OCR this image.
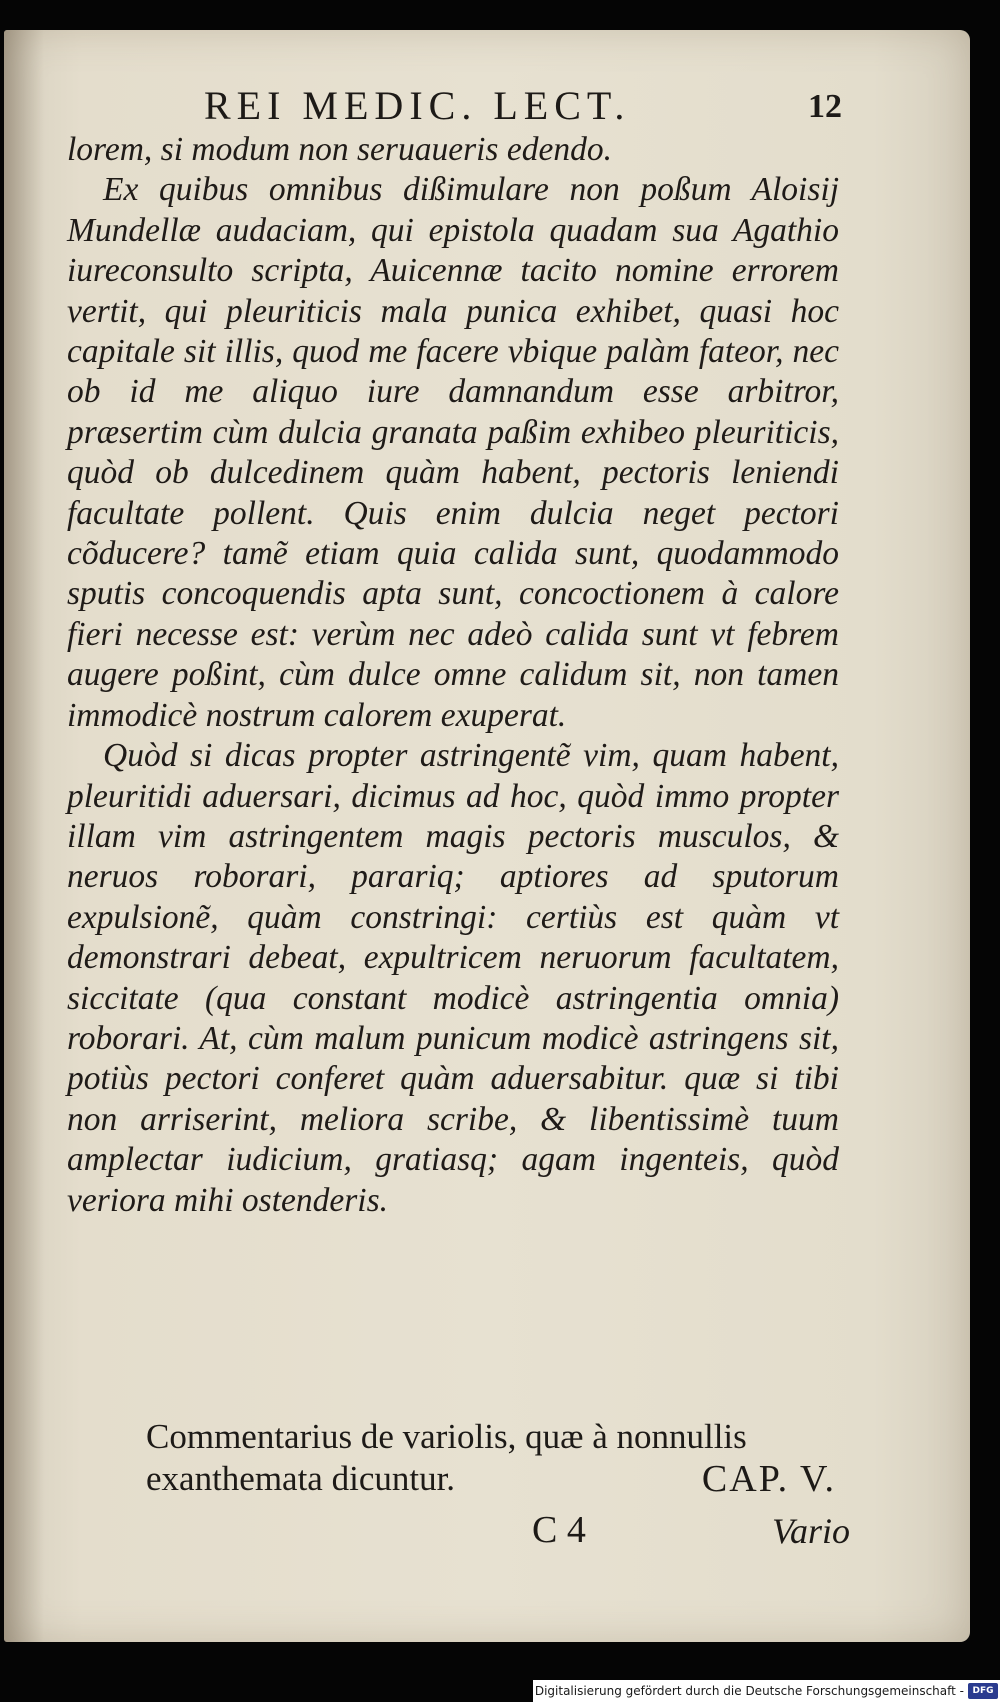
REI MEDIC. LECT.	12

lorem, si modum non seruaueris edendo.

Ex quibus omnibus dißimulare non poßum Aloisij Mundellæ audaciam, qui epistola quadam sua Agathio iureconsulto scripta, Auicennæ tacito nomine errorem vertit, qui pleuriticis mala punica exhibet, quasi hoc capitale sit illis, quod me facere vbique palàm fateor, nec ob id me aliquo iure damnandum esse arbitror, præsertim cùm dulcia granata paßim exhibeo pleuriticis, quòd ob dulcedinem quàm habent, pectoris leniendi facultate pollent. Quis enim dulcia neget pectori cõducere? tamẽ etiam quia calida sunt, quodammodo sputis concoquendis apta sunt, concoctionem à calore fieri necesse est: verùm nec adeò calida sunt vt febrem augere poßint, cùm dulce omne calidum sit, non tamen immodicè nostrum calorem exuperat.

Quòd si dicas propter astringentẽ vim, quam habent, pleuritidi aduersari, dicimus ad hoc, quòd immo propter illam vim astringentem magis pectoris musculos, & neruos roborari, parariq; aptiores ad sputorum expulsionẽ, quàm constringi: certiùs est quàm vt demonstrari debeat, expultricem neruorum facultatem, siccitate (qua constant modicè astringentia omnia) roborari. At, cùm malum punicum modicè astringens sit, potiùs pectori conferet quàm aduersabitur. quæ si tibi non arriserint, meliora scribe, & libentissimè tuum amplectar iudicium, gratiasq; agam ingenteis, quòd veriora mihi ostenderis.

Commentarius de variolis, quæ à nonnullis exanthemata dicuntur.	CAP. V.
C 4	Vario
Digitalisierung gefördert durch die Deutsche Forschungsgemeinschaft - DFG
